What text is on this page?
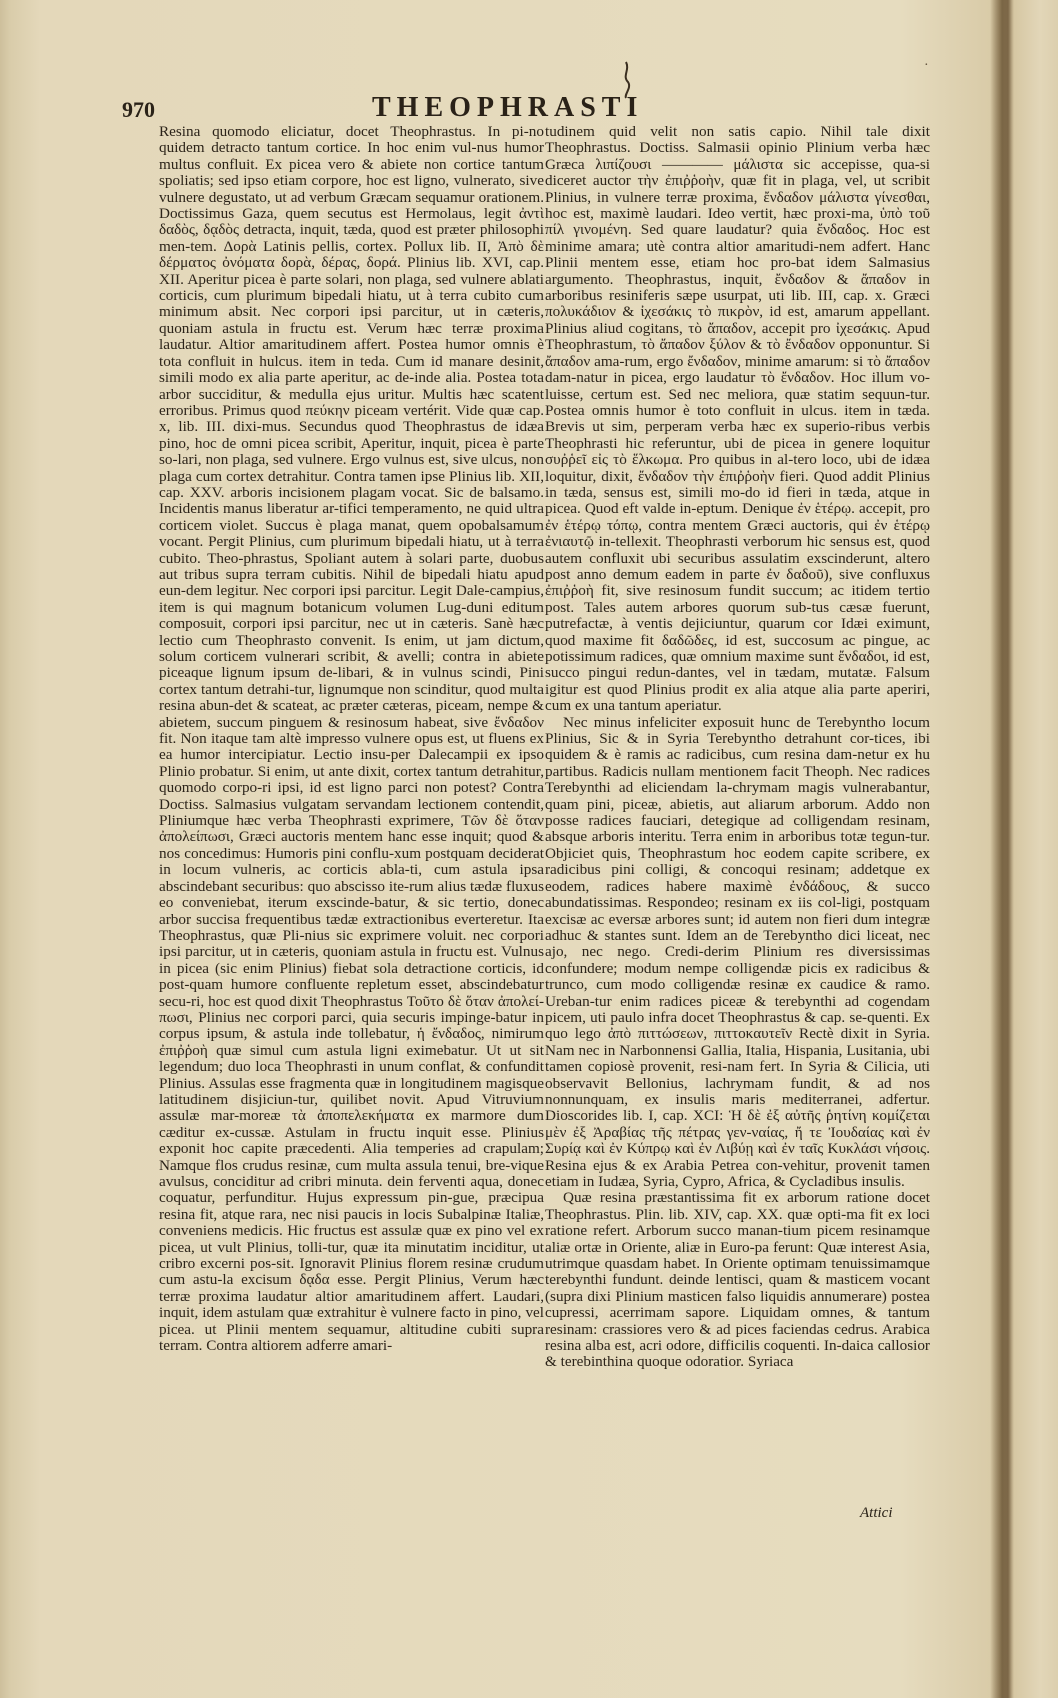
·
970	THEOPHRASTI

Resina quomodo eliciatur, docet Theophrastus. In pi-no quidem detracto tantum cortice. In hoc enim vul-nus humor multus confluit. Ex picea vero & abiete non cortice tantum spoliatis; sed ipso etiam corpore, hoc est ligno, vulnerato, sive vulnere degustato, ut ad verbum Græcam sequamur orationem. Doctissimus Gaza, quem secutus est Hermolaus, legit ἀντὶ δαδὸς, δᾳδὸς detracta, inquit, tæda, quod est præter philosophi men-tem. Δορὰ Latinis pellis, cortex. Pollux lib. II, Ἀπὸ δὲ δέρματος ὀνόματα δορὰ, δέρας, δορά. Plinius lib. XVI, cap. XII. Aperitur picea è parte solari, non plaga, sed vulnere ablati corticis, cum plurimum bipedali hiatu, ut à terra cubito cum minimum absit. Nec corpori ipsi parcitur, ut in cæteris, quoniam astula in fructu est. Verum hæc terræ proxima laudatur. Altior amaritudinem affert. Postea humor omnis è tota confluit in hulcus. item in teda. Cum id manare desinit, simili modo ex alia parte aperitur, ac de-inde alia. Postea tota arbor succiditur, & medulla ejus uritur. Multis hæc scatent erroribus. Primus quod πεύκην piceam vertérit. Vide quæ cap. x, lib. III. dixi-mus. Secundus quod Theophrastus de idæa pino, hoc de omni picea scribit, Aperitur, inquit, picea è parte so-lari, non plaga, sed vulnere. Ergo vulnus est, sive ulcus, non plaga cum cortex detrahitur. Contra tamen ipse Plinius lib. XII, cap. XXV. arboris incisionem plagam vocat. Sic de balsamo. Incidentis manus liberatur ar-tifici temperamento, ne quid ultra corticem violet. Succus è plaga manat, quem opobalsamum vocant. Pergit Plinius, cum plurimum bipedali hiatu, ut à terra cubito. Theo-phrastus, Spoliant autem à solari parte, duobus aut tribus supra terram cubitis. Nihil de bipedali hiatu apud eun-dem legitur. Nec corpori ipsi parcitur. Legit Dale-campius, item is qui magnum botanicum volumen Lug-duni editum composuit, corpori ipsi parcitur, nec ut in cæteris. Sanè hæc lectio cum Theophrasto convenit. Is enim, ut jam dictum, solum corticem vulnerari scribit, & avelli; contra in abiete piceaque lignum ipsum de-libari, & in vulnus scindi, Pini cortex tantum detrahi-tur, lignumque non scinditur, quod multa resina abun-det & scateat, ac præter cæteras, piceam, nempe & abietem, succum pinguem & resinosum habeat, sive ἔνδαδον fit. Non itaque tam altè impresso vulnere opus est, ut fluens ex ea humor intercipiatur. Lectio insu-per Dalecampii ex ipso Plinio probatur. Si enim, ut ante dixit, cortex tantum detrahitur, quomodo corpo-ri ipsi, id est ligno parci non potest? Contra Doctiss. Salmasius vulgatam servandam lectionem contendit, Pliniumque hæc verba Theophrasti exprimere, Τῶν δὲ ὅταν ἀπολείπωσι, Græci auctoris mentem hanc esse inquit; quod & nos concedimus: Humoris pini conflu-xum postquam deciderat in locum vulneris, ac corticis abla-ti, cum astula ipsa abscindebant securibus: quo abscisso ite-rum alius tædæ fluxus eo conveniebat, iterum exscinde-batur, & sic tertio, donec arbor succisa frequentibus tædæ extractionibus everteretur. Ita Theophrastus, quæ Pli-nius sic exprimere voluit. nec corpori ipsi parcitur, ut in cæteris, quoniam astula in fructu est. Vulnus in picea (sic enim Plinius) fiebat sola detractione corticis, id post-quam humore confluente repletum esset, abscindebatur secu-ri, hoc est quod dixit Theophrastus Τοῦτο δὲ ὅταν ἀπολεί-πωσι, Plinius nec corpori parci, quia securis impinge-batur in corpus ipsum, & astula inde tollebatur, ἡ ἔνδαδος, nimirum ἐπιῤῥοὴ quæ simul cum astula ligni eximebatur. Ut ut sit legendum; duo loca Theophrasti in unum conflat, & confundit Plinius. Assulas esse fragmenta quæ in longitudinem magisque latitudinem disjiciun-tur, quilibet novit. Apud Vitruvium assulæ mar-moreæ τὰ ἀποπελεκήματα ex marmore dum cæditur ex-cussæ. Astulam in fructu inquit esse. Plinius exponit hoc capite præcedenti. Alia temperies ad crapulam; Namque flos crudus resinæ, cum multa assula tenui, bre-vique avulsus, conciditur ad cribri minuta. dein ferventi aqua, donec coquatur, perfunditur. Hujus expressum pin-gue, præcipua resina fit, atque rara, nec nisi paucis in locis Subalpinæ Italiæ, conveniens medicis. Hic fructus est assulæ quæ ex pino vel ex picea, ut vult Plinius, tolli-tur, quæ ita minutatim inciditur, ut cribro excerni pos-sit. Ignoravit Plinius florem resinæ crudum cum astu-la excisum δᾳδα esse. Pergit Plinius, Verum hæc terræ proxima laudatur altior amaritudinem affert. Laudari, inquit, idem astulam quæ extrahitur è vulnere facto in pino, vel picea. ut Plinii mentem sequamur, altitudine cubiti supra terram. Contra altiorem adferre amari-

tudinem quid velit non satis capio. Nihil tale dixit Theophrastus. Doctiss. Salmasii opinio Plinium verba hæc Græca λιπίζουσι ———— μάλιστα sic accepisse, qua-si diceret auctor τὴν ἐπιῤῥοὴν, quæ fit in plaga, vel, ut scribit Plinius, in vulnere terræ proxima, ἔνδαδον μάλιστα γίνεσθαι, hoc est, maximè laudari. Ideo vertit, hæc proxi-ma, ὑπὸ τοῦ πίλ γινομένη. Sed quare laudatur? quia ἔνδαδος. Hoc est minime amara; utè contra altior amaritudi-nem adfert. Hanc Plinii mentem esse, etiam hoc pro-bat idem Salmasius argumento. Theophrastus, inquit, ἔνδαδον & ἄπαδον in arboribus resiniferis sæpe usurpat, uti lib. III, cap. x. Græci πολυκάδιον & ἰχεσάκις τὸ πικρὸν, id est, amarum appellant. Plinius aliud cogitans, τὸ ἄπαδον, accepit pro ἰχεσάκις. Apud Theophrastum, τὸ ἄπαδον ξύλον & τὸ ἔνδαδον opponuntur. Si ἄπαδον ama-rum, ergo ἔνδαδον, minime amarum: si τὸ ἄπαδον dam-natur in picea, ergo laudatur τὸ ἔνδαδον. Hoc illum vo-luisse, certum est. Sed nec meliora, quæ statim sequun-tur. Postea omnis humor è toto confluit in ulcus. item in tæda. Brevis ut sim, perperam verba hæc ex superio-ribus verbis Theophrasti hic referuntur, ubi de picea in genere loquitur συῤῥεῖ εἰς τὸ ἕλκωμα. Pro quibus in al-tero loco, ubi de idæa loquitur, dixit, ἔνδαδον τὴν ἐπιῤῥοὴν fieri. Quod addit Plinius in tæda, sensus est, simili mo-do id fieri in tæda, atque in picea. Quod eft valde in-eptum. Denique ἐν ἑτέρῳ. accepit, pro ἐν ἑτέρῳ τόπῳ, contra mentem Græci auctoris, qui ἐν ἑτέρῳ ἐνιαυτῷ in-tellexit. Theophrasti verborum hic sensus est, quod autem confluxit ubi securibus assulatim exscinderunt, altero post anno demum eadem in parte ἐν δαδοῦ), sive confluxus ἐπιῤῥοὴ fit, sive resinosum fundit succum; ac itidem tertio post. Tales autem arbores quorum sub-tus cæsæ fuerunt, putrefactæ, à ventis dejiciuntur, quarum cor Idæi eximunt, quod maxime fit δαδῶδες, id est, succosum ac pingue, ac potissimum radices, quæ omnium maxime sunt ἔνδαδοι, id est, succo pingui redun-dantes, vel in tædam, mutatæ. Falsum igitur est quod Plinius prodit ex alia atque alia parte aperiri, cum ex una tantum aperiatur.

Nec minus infeliciter exposuit hunc de Terebyntho locum Plinius, Sic & in Syria Terebyntho detrahunt cor-tices, ibi quidem & è ramis ac radicibus, cum resina dam-netur ex hu partibus. Radicis nullam mentionem facit Theoph. Nec radices Terebynthi ad eliciendam la-chrymam magis vulnerabantur, quam pini, piceæ, abietis, aut aliarum arborum. Addo non posse radices fauciari, detegique ad colligendam resinam, absque arboris interitu. Terra enim in arboribus totæ tegun-tur. Objiciet quis, Theophrastum hoc eodem capite scribere, ex radicibus pini colligi, & concoqui resinam; addetque ex eodem, radices habere maximè ἐνδάδους, & succo abundatissimas. Respondeo; resinam ex iis col-ligi, postquam excisæ ac eversæ arbores sunt; id autem non fieri dum integræ adhuc & stantes sunt. Idem an de Terebyntho dici liceat, nec ajo, nec nego. Credi-derim Plinium res diversissimas confundere; modum nempe colligendæ picis ex radicibus & trunco, cum modo colligendæ resinæ ex caudice & ramo. Ureban-tur enim radices piceæ & terebynthi ad cogendam picem, uti paulo infra docet Theophrastus & cap. se-quenti. Ex quo lego ἀπὸ πιττώσεων, πιττοκαυτεῖν Rectè dixit in Syria. Nam nec in Narbonnensi Gallia, Italia, Hispania, Lusitania, ubi tamen copiosè provenit, resi-nam fert. In Syria & Cilicia, uti observavit Bellonius, lachrymam fundit, & ad nos nonnunquam, ex insulis maris mediterranei, adfertur. Dioscorides lib. I, cap. XCI: Ἡ δὲ ἐξ αὐτῆς ῥητίνη κομίζεται μὲν ἐξ Ἀραβίας τῆς πέτρας γεν-ναίας, ἤ τε Ἰουδαίας καὶ ἐν Συρίᾳ καὶ ἐν Κύπρῳ καὶ ἐν Λιβύῃ καὶ ἐν ταῖς Κυκλάσι νήσοις. Resina ejus & ex Arabia Petrea con-vehitur, provenit tamen etiam in Iudæa, Syria, Cypro, Africa, & Cycladibus insulis.

Quæ resina præstantissima fit ex arborum ratione docet Theophrastus. Plin. lib. XIV, cap. XX. quæ opti-ma fit ex loci ratione refert. Arborum succo manan-tium picem resinamque aliæ ortæ in Oriente, aliæ in Euro-pa ferunt: Quæ interest Asia, utrimque quasdam habet. In Oriente optimam tenuissimamque terebynthi fundunt. deinde lentisci, quam & masticem vocant (supra dixi Plinium masticen falso liquidis annumerare) postea cupressi, acerrimam sapore. Liquidam omnes, & tantum resinam: crassiores vero & ad pices faciendas cedrus. Arabica resina alba est, acri odore, difficilis coquenti. In-daica callosior & terebinthina quoque odoratior. Syriaca

Attici
